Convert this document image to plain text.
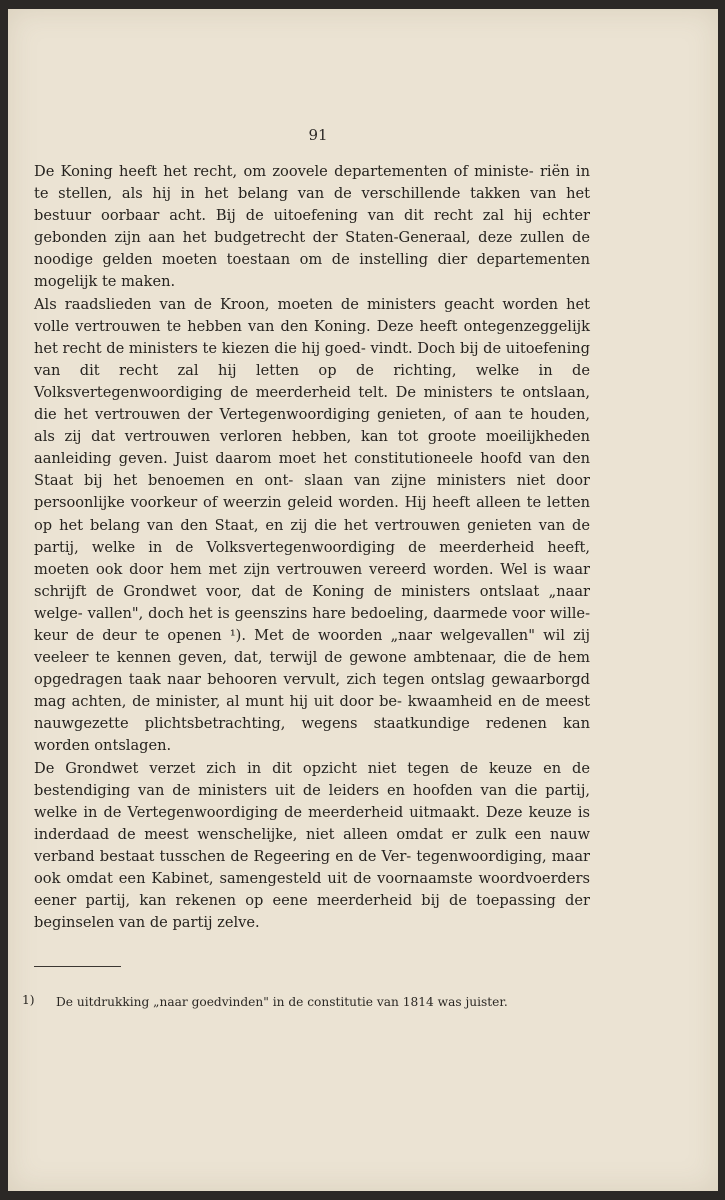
91

De Koning heeft het recht, om zoovele departementen of ministe- riën in te stellen, als hij in het belang van de verschillende takken van het bestuur oorbaar acht. Bij de uitoefening van dit recht zal hij echter gebonden zijn aan het budgetrecht der Staten-Generaal, deze zullen de noodige gelden moeten toestaan om de instelling dier departementen mogelijk te maken.

Als raadslieden van de Kroon, moeten de ministers geacht worden het volle vertrouwen te hebben van den Koning. Deze heeft ontegenzeggelijk het recht de ministers te kiezen die hij goed- vindt. Doch bij de uitoefening van dit recht zal hij letten op de richting, welke in de Volksvertegenwoordiging de meerderheid telt. De ministers te ontslaan, die het vertrouwen der Vertegenwoordiging genieten, of aan te houden, als zij dat vertrouwen verloren hebben, kan tot groote moeilijkheden aanleiding geven. Juist daarom moet het constitutioneele hoofd van den Staat bij het benoemen en ont- slaan van zijne ministers niet door persoonlijke voorkeur of weerzin geleid worden. Hij heeft alleen te letten op het belang van den Staat, en zij die het vertrouwen genieten van de partij, welke in de Volksvertegenwoordiging de meerderheid heeft, moeten ook door hem met zijn vertrouwen vereerd worden. Wel is waar schrijft de Grondwet voor, dat de Koning de ministers ontslaat „naar welge- vallen", doch het is geenszins hare bedoeling, daarmede voor wille- keur de deur te openen ¹). Met de woorden „naar welgevallen" wil zij veeleer te kennen geven, dat, terwijl de gewone ambtenaar, die de hem opgedragen taak naar behooren vervult, zich tegen ontslag gewaarborgd mag achten, de minister, al munt hij uit door be- kwaamheid en de meest nauwgezette plichtsbetrachting, wegens staatkundige redenen kan worden ontslagen.

De Grondwet verzet zich in dit opzicht niet tegen de keuze en de bestendiging van de ministers uit de leiders en hoofden van die partij, welke in de Vertegenwoordiging de meerderheid uitmaakt. Deze keuze is inderdaad de meest wenschelijke, niet alleen omdat er zulk een nauw verband bestaat tusschen de Regeering en de Ver- tegenwoordiging, maar ook omdat een Kabinet, samengesteld uit de voornaamste woordvoerders eener partij, kan rekenen op eene meerderheid bij de toepassing der beginselen van de partij zelve.

1)	De uitdrukking „naar goedvinden" in de constitutie van 1814 was juister.
